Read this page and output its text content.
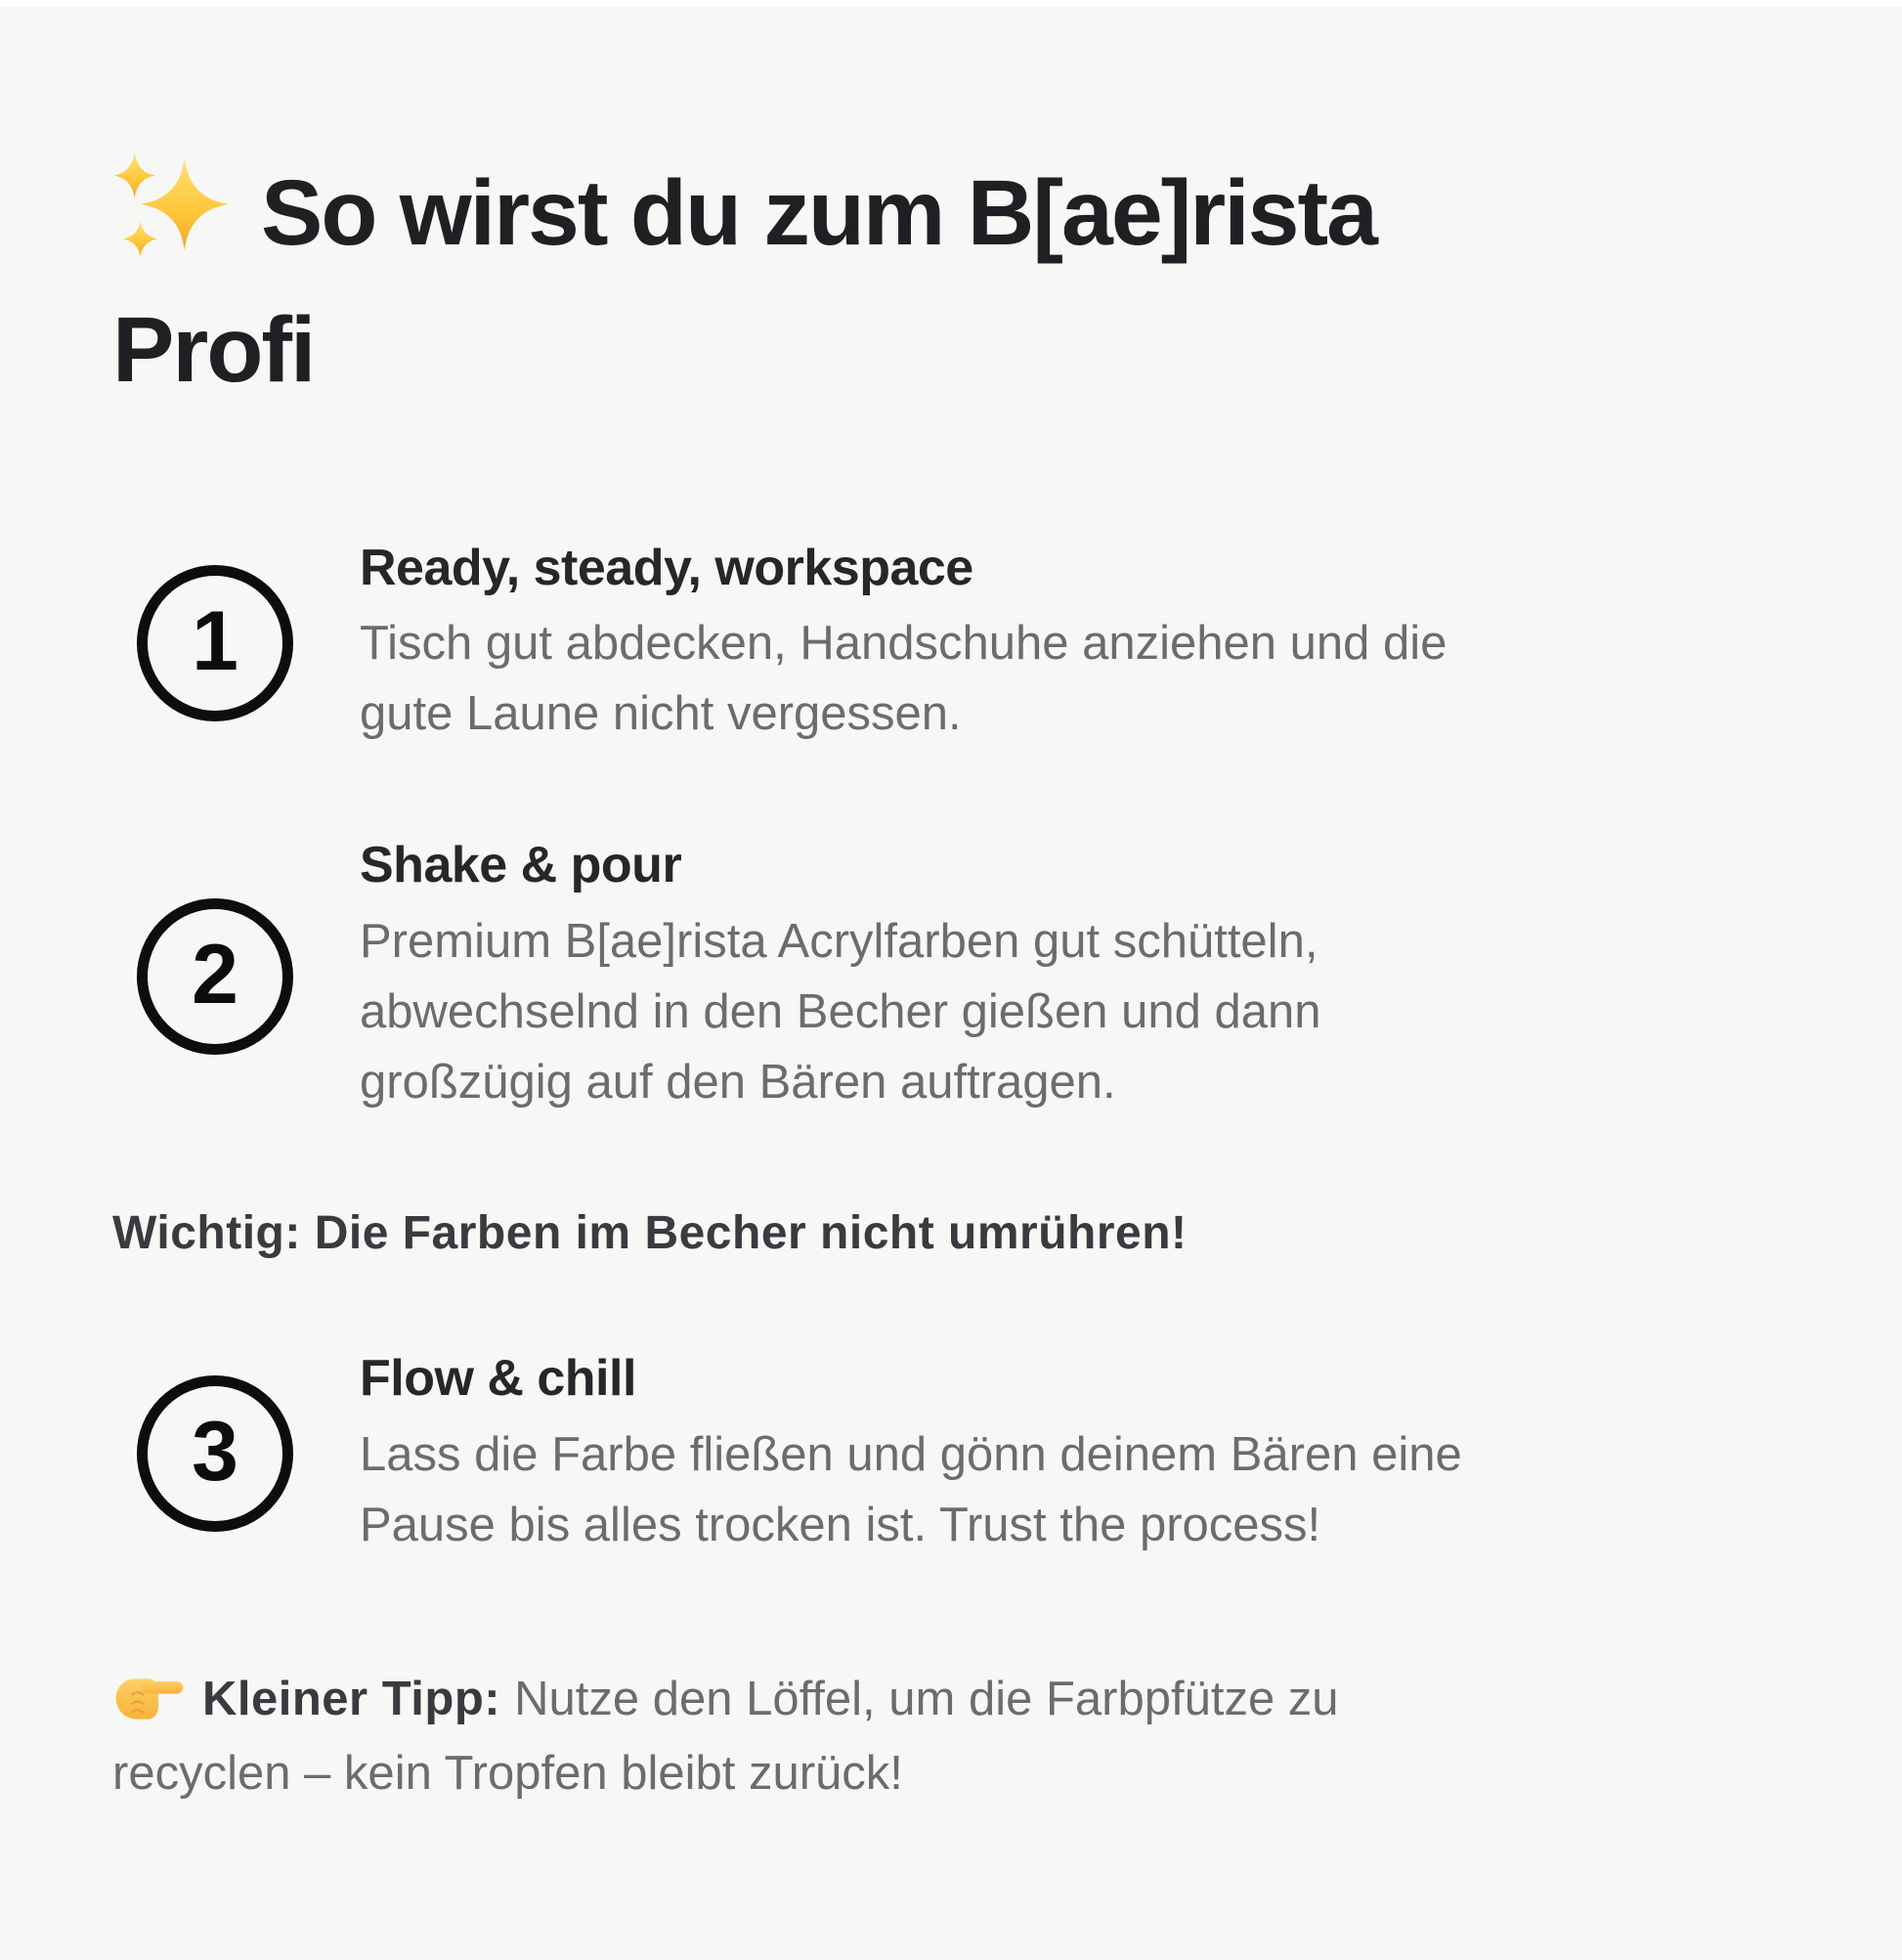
So wirst du zum B[ae]rista Profi
1
Ready, steady, workspace

Tisch gut abdecken, Handschuhe anziehen und die gute Laune nicht vergessen.

2
Shake & pour

Premium B[ae]rista Acrylfarben gut schütteln, abwechselnd in den Becher gießen und dann großzügig auf den Bären auftragen.

Wichtig: Die Farben im Becher nicht umrühren!

3
Flow & chill

Lass die Farbe fließen und gönn deinem Bären eine Pause bis alles trocken ist. Trust the process!

Kleiner Tipp: Nutze den Löffel, um die Farbpfütze zu recyclen – kein Tropfen bleibt zurück!
